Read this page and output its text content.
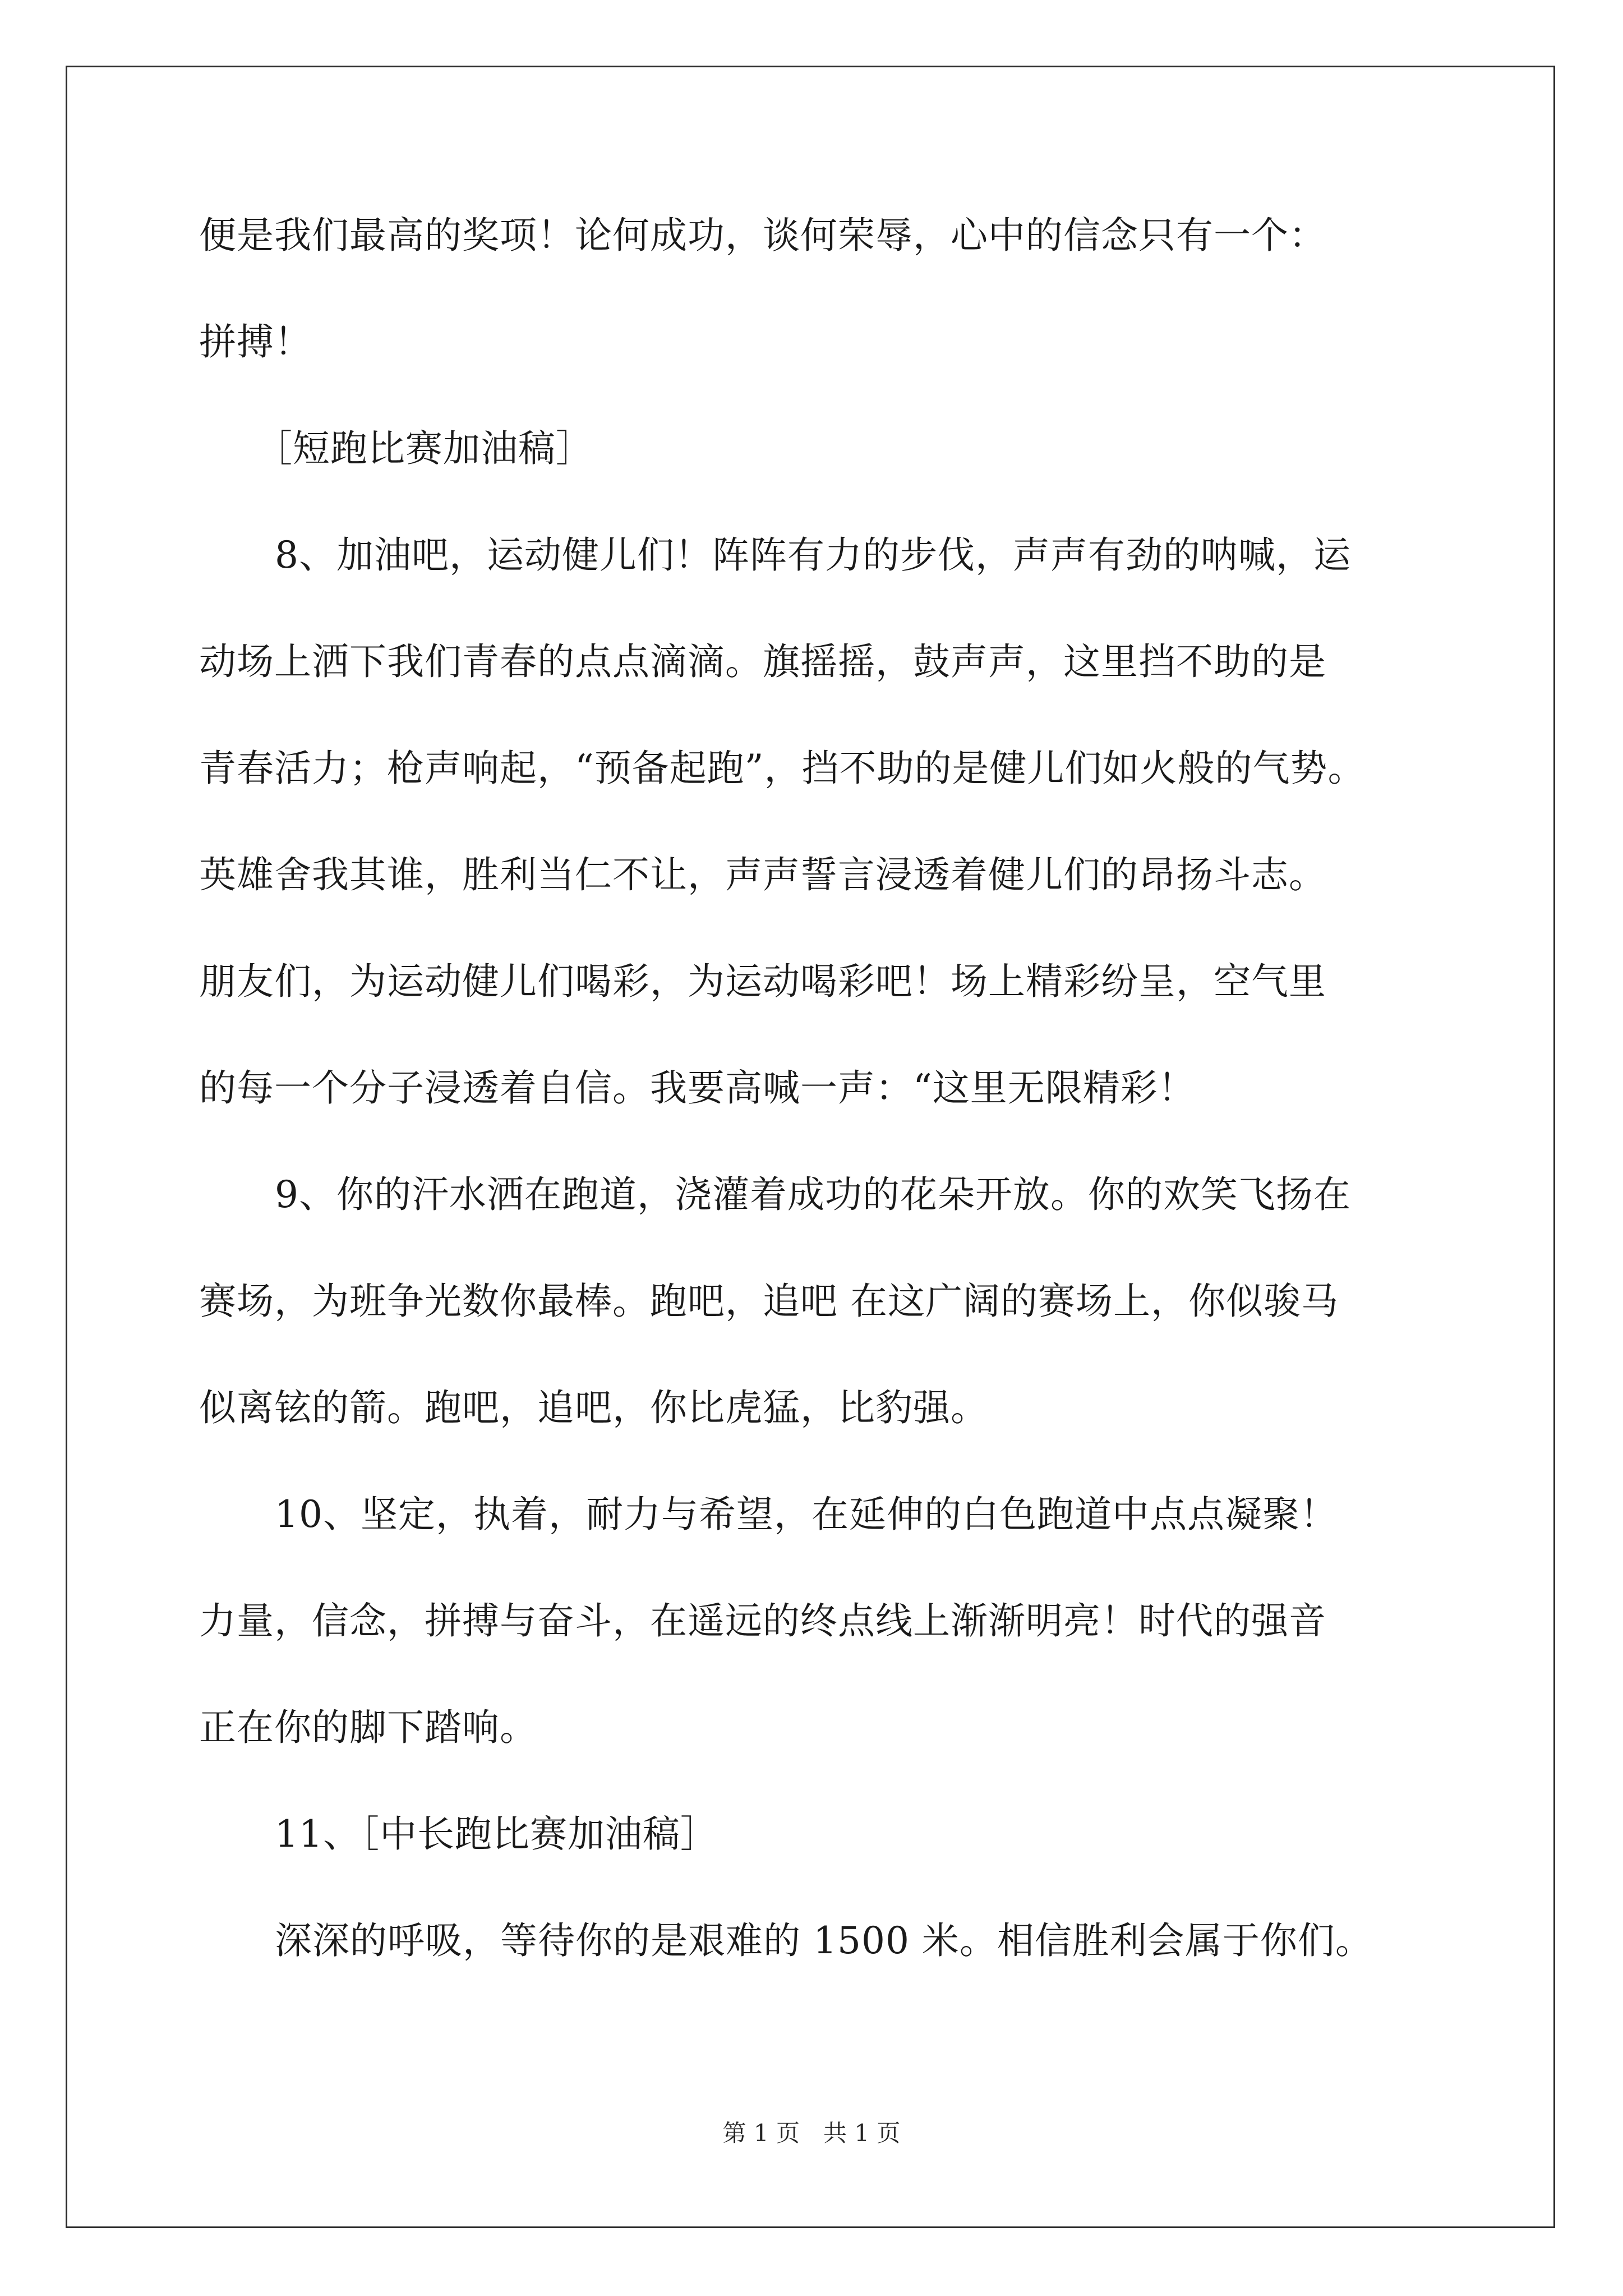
便是我们最高的奖项！论何成功，谈何荣辱，心中的信念只有一个：
拼搏！
［短跑比赛加油稿］
8、加油吧，运动健儿们！阵阵有力的步伐，声声有劲的呐喊，运
动场上洒下我们青春的点点滴滴。旗摇摇，鼓声声，这里挡不助的是
青春活力；枪声响起，“预备起跑”，挡不助的是健儿们如火般的气势。
英雄舍我其谁，胜利当仁不让，声声誓言浸透着健儿们的昂扬斗志。
朋友们，为运动健儿们喝彩，为运动喝彩吧！场上精彩纷呈，空气里
的每一个分子浸透着自信。我要高喊一声：“这里无限精彩！
9、你的汗水洒在跑道，浇灌着成功的花朵开放。你的欢笑飞扬在
赛场，为班争光数你最棒。跑吧，追吧 在这广阔的赛场上，你似骏马
似离铉的箭。跑吧，追吧，你比虎猛，比豹强。
10、坚定，执着，耐力与希望，在延伸的白色跑道中点点凝聚！
力量，信念，拼搏与奋斗，在遥远的终点线上渐渐明亮！时代的强音
正在你的脚下踏响。
11、［中长跑比赛加油稿］
深深的呼吸，等待你的是艰难的 1500 米。相信胜利会属于你们。
第 1 页　共 1 页
